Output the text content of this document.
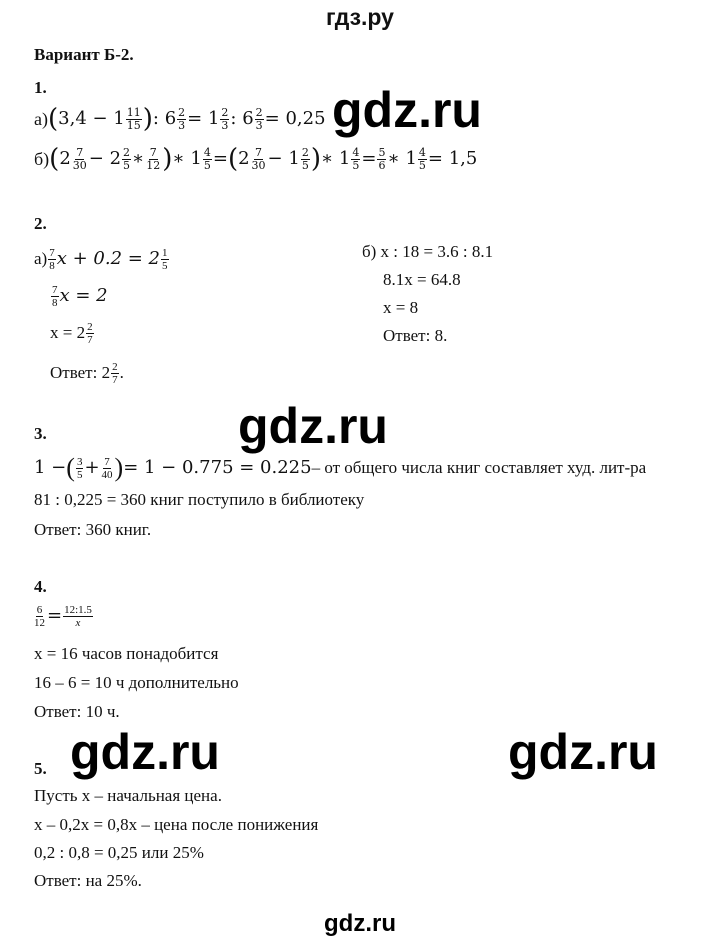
гдз.ру
Вариант Б-2.
1.
а) ( $3,4 - 1 \frac{11}{15}$ ) : $6 \frac{2}{3} = 1 \frac{2}{3}$ : $6 \frac{2}{3} = 0,25$
б) ( $2 \frac{7}{30} - 2 \frac{2}{5}$ ∗ $\frac{7}{12}$ ) ∗ $1 \frac{4}{5}$ = ( $2 \frac{7}{30} - 1 \frac{2}{5}$ ) ∗ $1 \frac{4}{5} = \frac{5}{6}$ ∗ $1 \frac{4}{5} = 1,5$
2.
$а) \frac{7}{8}$ $x + 0.2 = 2 \frac{1}{5}$
$\frac{7}{8}$ x = 2
$x = 2 \frac{2}{7}$
Ответ: $2 \frac{2}{7}$ .
б) x : 18 = 3.6 : 8.1
8.1x = 64.8
x = 8
Ответ: 8.
3.
1 − ( $\frac{3}{5} + \frac{7}{40}$ ) = 1 − 0.775 = 0.225 – от общего числа книг составляет худ. лит-ра
81 : 0,225 = 360 книг поступило в библиотеку
Ответ: 360 книг.
4.
$\frac{6}{12} = \frac{12:1.5}{x}$
x = 16 часов понадобится
16 – 6 = 10 ч дополнительно
Ответ: 10 ч.
5.
Пусть x – начальная цена.
x – 0,2x = 0,8x – цена после понижения
0,2 : 0,8 = 0,25 или 25%
Ответ: на 25%.
gdz.ru
gdz.ru
gdz.ru	gdz.ru
gdz.ru
